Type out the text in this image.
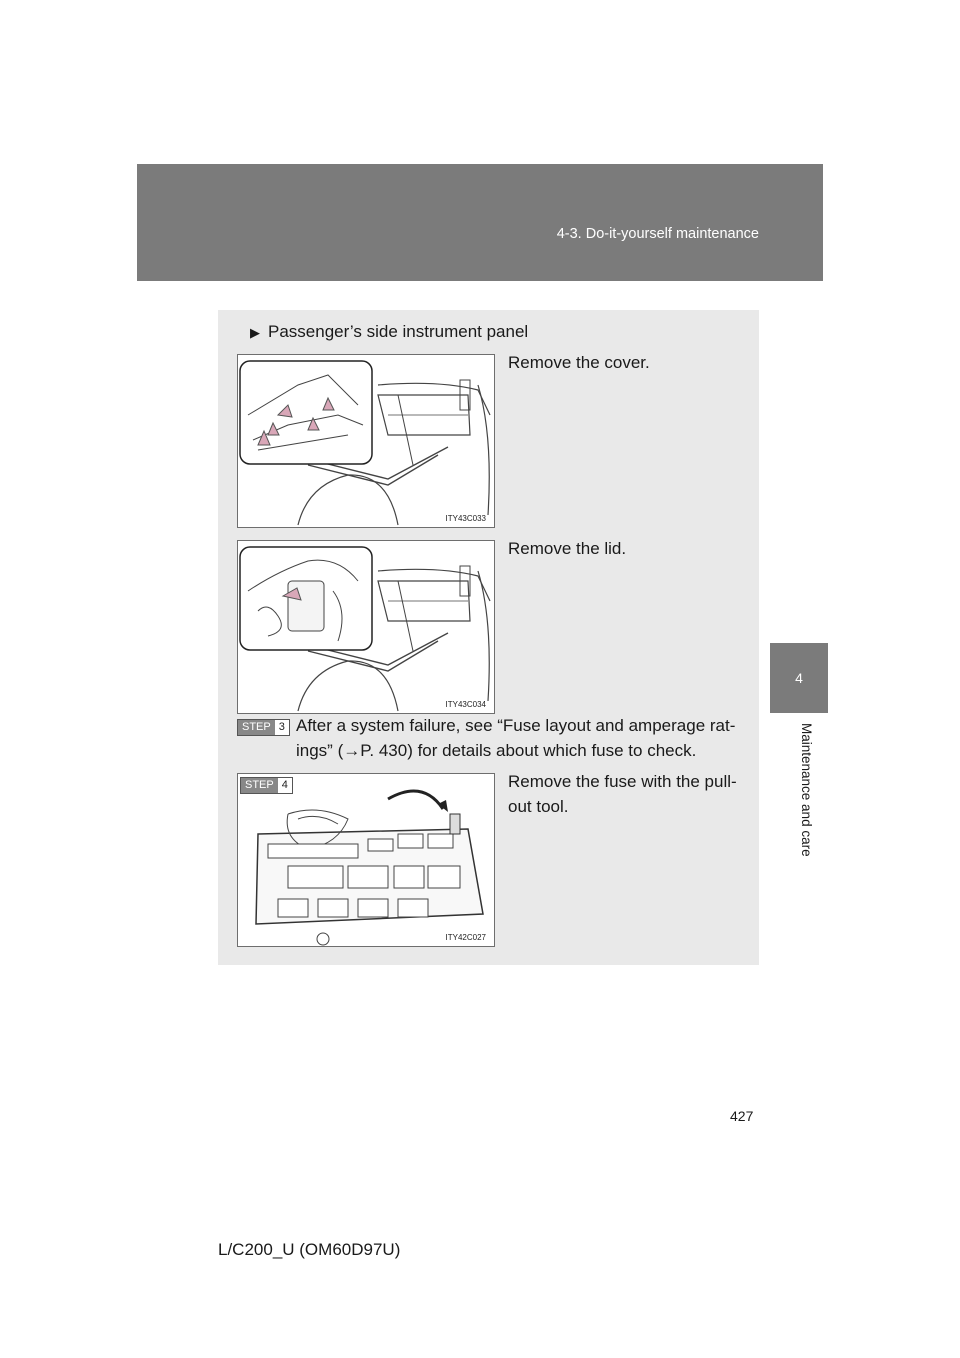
4-3. Do-it-yourself maintenance
4
Maintenance and care
▶ Passenger’s side instrument panel
ITY43C033
Remove the cover.
ITY43C034
Remove the lid.
STEP 3 After a system failure, see “Fuse layout and amperage rat-
ings” (→P. 430) for details about which fuse to check.
ITY42C027
STEP 4	Remove the fuse with the pull-
out tool.
427
L/C200_U (OM60D97U)
